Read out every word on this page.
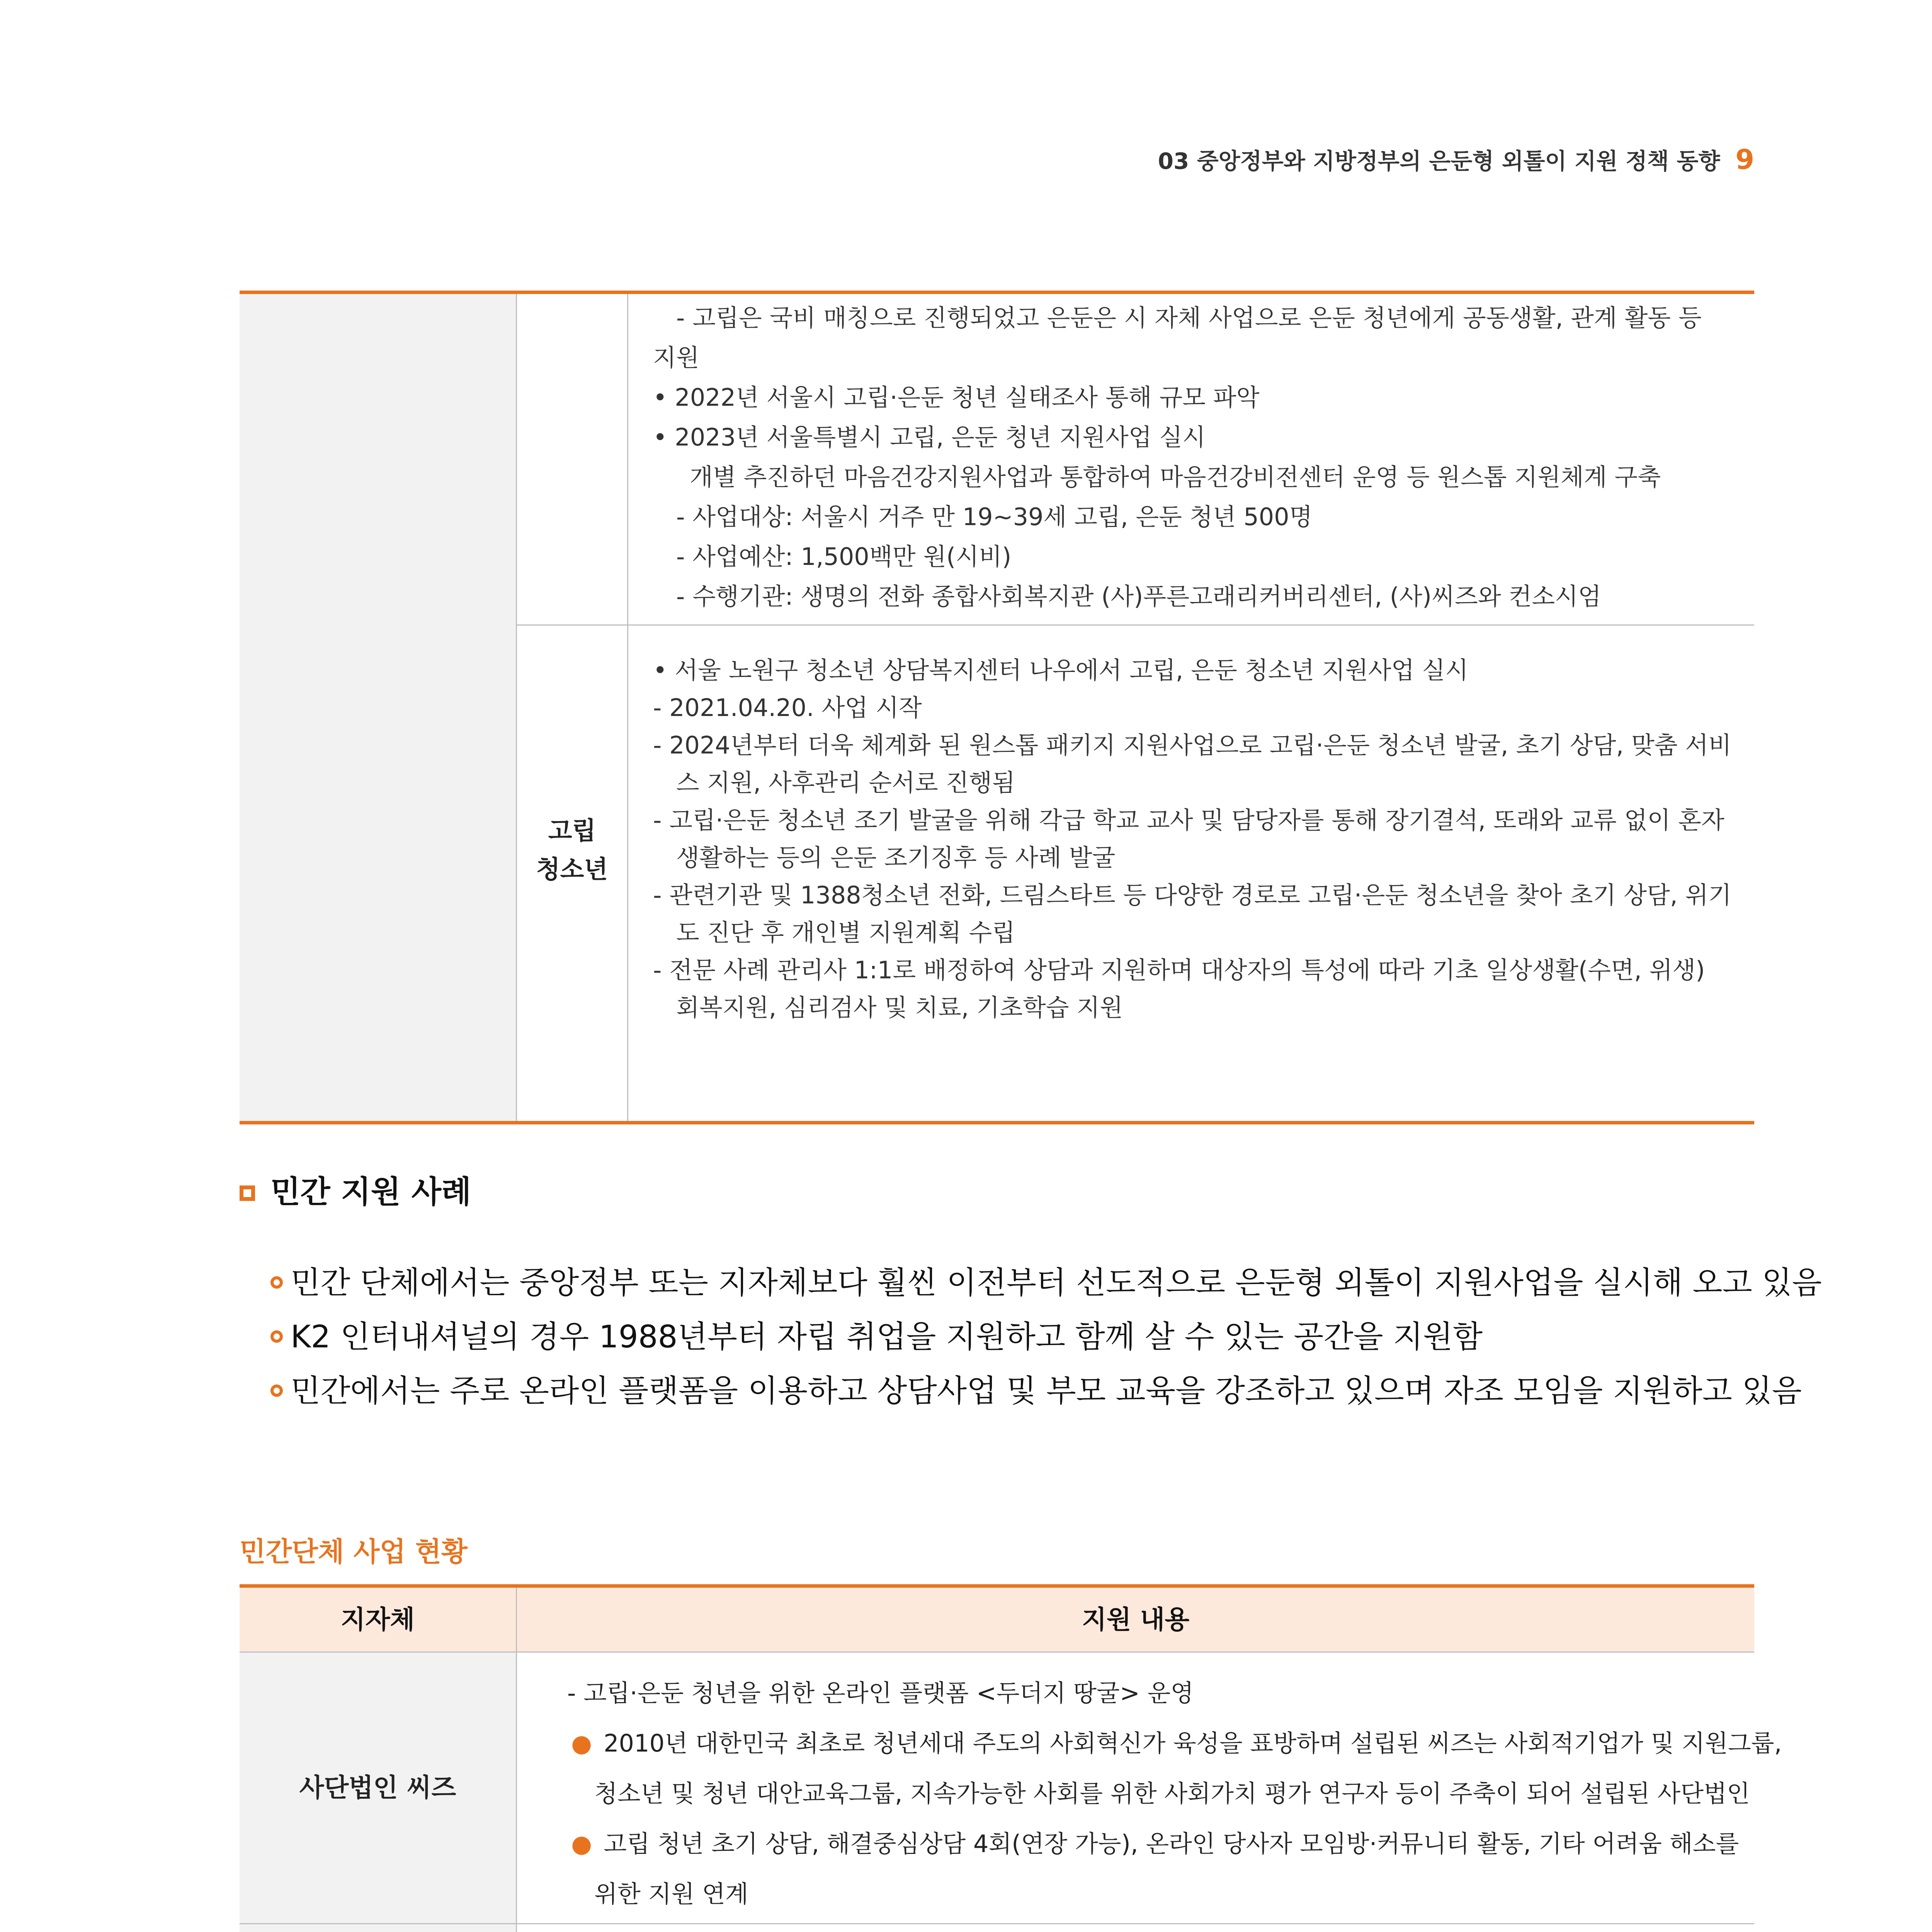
03 중앙정부와 지방정부의 은둔형 외톨이 지원 정책 동향 9
- 고립은 국비 매칭으로 진행되었고 은둔은 시 자체 사업으로 은둔 청년에게 공동생활, 관계 활동 등
지원
• 2022년 서울시 고립·은둔 청년 실태조사 통해 규모 파악
• 2023년 서울특별시 고립, 은둔 청년 지원사업 실시
개별 추진하던 마음건강지원사업과 통합하여 마음건강비전센터 운영 등 원스톱 지원체계 구축
- 사업대상: 서울시 거주 만 19~39세 고립, 은둔 청년 500명
- 사업예산: 1,500백만 원(시비)
- 수행기관: 생명의 전화 종합사회복지관 (사)푸른고래리커버리센터, (사)씨즈와 컨소시엄
고립
청소년
• 서울 노원구 청소년 상담복지센터 나우에서 고립, 은둔 청소년 지원사업 실시
- 2021.04.20. 사업 시작
- 2024년부터 더욱 체계화 된 원스톱 패키지 지원사업으로 고립·은둔 청소년 발굴, 초기 상담, 맞춤 서비
스 지원, 사후관리 순서로 진행됨
- 고립·은둔 청소년 조기 발굴을 위해 각급 학교 교사 및 담당자를 통해 장기결석, 또래와 교류 없이 혼자
생활하는 등의 은둔 조기징후 등 사례 발굴
- 관련기관 및 1388청소년 전화, 드림스타트 등 다양한 경로로 고립·은둔 청소년을 찾아 초기 상담, 위기
도 진단 후 개인별 지원계획 수립
- 전문 사례 관리사 1:1로 배정하여 상담과 지원하며 대상자의 특성에 따라 기초 일상생활(수면, 위생)
회복지원, 심리검사 및 치료, 기초학습 지원
민간 지원 사례
민간 단체에서는 중앙정부 또는 지자체보다 훨씬 이전부터 선도적으로 은둔형 외톨이 지원사업을 실시해 오고 있음
K2 인터내셔널의 경우 1988년부터 자립 취업을 지원하고 함께 살 수 있는 공간을 지원함
민간에서는 주로 온라인 플랫폼을 이용하고 상담사업 및 부모 교육을 강조하고 있으며 자조 모임을 지원하고 있음
민간단체 사업 현황
지자체	지원 내용
사단법인 씨즈
- 고립·은둔 청년을 위한 온라인 플랫폼 <두더지 땅굴> 운영
● 2010년 대한민국 최초로 청년세대 주도의 사회혁신가 육성을 표방하며 설립된 씨즈는 사회적기업가 및 지원그룹,
청소년 및 청년 대안교육그룹, 지속가능한 사회를 위한 사회가치 평가 연구자 등이 주축이 되어 설립된 사단법인
● 고립 청년 초기 상담, 해결중심상담 4회(연장 가능), 온라인 당사자 모임방·커뮤니티 활동, 기타 어려움 해소를
위한 지원 연계
